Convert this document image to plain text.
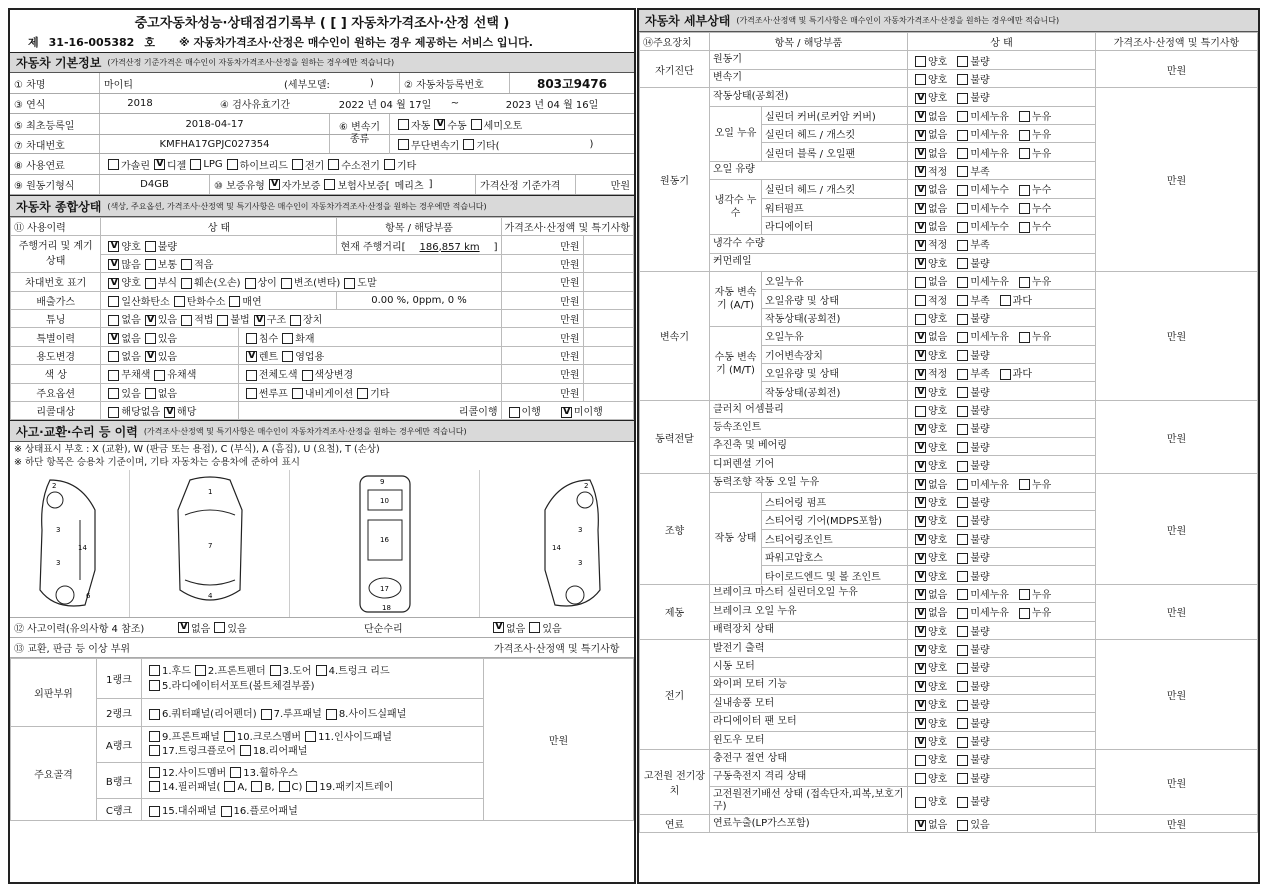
중고자동차성능·상태점검기록부 ( [ ] 자동차가격조사·산정 선택 )
제 31-16-005382 호 ※ 자동차가격조사·산정은 매수인이 원하는 경우 제공하는 서비스 입니다.
자동차 기본정보 (가격산정 기준가격은 매수인이 자동차가격조사·산정을 원하는 경우에만 적습니다)
① 차명	마이티	(세부모델:	)	② 자동차등록번호	803고9476
③ 연식	2018	④ 검사유효기간	2022 년 04 월 17일	~	2023 년 04 월 16일
⑤ 최초등록일	2018-04-17	⑥ 변속기 종류
자동 V 수동 세미오토
⑦ 차대번호	KMFHA17GPJC027354	무단변속기 기타(	)
⑧ 사용연료	가솔린 V 디젤 LPG 하이브리드 전기 수소전기 기타
⑨ 원동기형식	D4GB	⑩ 보증유형 V 자가보증 보험사보증[ 메리츠 ]	가격산정 기준가격	만원
자동차 종합상태 (색상, 주요옵션, 가격조사·산정액 및 특기사항은 매수인이 자동차가격조사·산정을 원하는 경우에만 적습니다)
⑪ 사용이력	상 태		항목 / 해당부품	가격조사·산정액 및 특기사항	
주행거리 및 계기상태	V양호 불량		현재 주행거리[ 186,857 km ]	만원	
V많음 보통 적음			만원	
차대번호 표기	V양호 부식 훼손(오손) 상이 변조(변타) 도말			만원	
배출가스	일산화탄소 탄화수소 매연		0.00 %, 0ppm, 0 %	만원	
튜닝	없음 V 있음 적법 불법 V 구조 장치			만원	
특별이력	V없음 있음	침수 화재		만원	
용도변경	없음 V 있음	V렌트 영업용		만원	
색 상	무채색 유채색	전체도색 색상변경		만원	
주요옵션	있음 없음	썬루프 내비게이션 기타		만원	
리콜대상	해당없음 V 해당	리콜이행		이행 V 미이행
사고·교환·수리 등 이력 (가격조사·산정액 및 특기사항은 매수인이 자동차가격조사·산정을 원하는 경우에만 적습니다)
※ 상태표시 부호 : X (교환), W (판금 또는 용접), C (부식), A (흠집), U (요철), T (손상)
※ 하단 항목은 승용차 기준이며, 기타 자동차는 승용차에 준하여 표시
3
3
14
2
6
1
7
4
9
10
16
17
18
3
3
14
2
⑫ 사고이력(유의사항 4 참조) V	없음 있음	단순수리 V	없음 있음
⑬ 교환, 판금 등 이상 부위	가격조사·산정액 및 특기사항
외판부위	1랭크	1.후드 2.프론트펜더 3.도어 4.트렁크 리드
5.라디에이터서포트(볼트체결부품)	만원
	2랭크	6.쿼터패널(리어펜더) 7.루프패널 8.사이드실패널	
주요골격	A랭크	9.프론트패널 10.크로스멤버 11.인사이드패널
17.트렁크플로어 18.리어패널	

	B랭크	12.사이드멤버 13.휠하우스
14.필러패널( A, B, C) 19.패키지트레이	

	C랭크	15.대쉬패널 16.플로어패널	
자동차 세부상태 (가격조사·산정액 및 특기사항은 매수인이 자동차가격조사·산정을 원하는 경우에만 적습니다)
⑭주요장치	항목 / 해당부품		상 태	가격조사·산정액 및 특기사항
자기진단	원동기		양호 불량	만원
	변속기		양호 불량	
원동기	작동상태(공회전)	V양호 불량	만원
	오일 누유	실린더 커버(로커암 커버)	V없음 미세누유 누유
		실린더 헤드 / 개스킷	V없음 미세누유 누유
		실린더 블록 / 오일팬	V없음 미세누유 누유
	오일 유량	V적정 부족
	냉각수 누수	실린더 헤드 / 개스킷	V없음 미세누수 누수
		워터펌프	V없음 미세누수 누수
		라디에이터	V없음 미세누수 누수
	냉각수 수량	V적정 부족
	커먼레일	V양호 불량
변속기	자동 변속기 (A/T)	오일누유	없음 미세누유 누유	만원
		오일유량 및 상태	적정 부족 과다	
		작동상태(공회전)	양호 불량	
	수동 변속기 (M/T)	오일누유	V없음 미세누유 누유
		기어변속장치	V양호 불량
		오일유량 및 상태	V적정 부족 과다
		작동상태(공회전)	V양호 불량
동력전달	클러치 어셈블리		양호 불량	만원
	등속조인트	V양호 불량
	추진축 및 베어링	V양호 불량
	디퍼렌셜 기어	V양호 불량
조향	동력조향 작동 오일 누유	V없음 미세누유 누유	만원
	작동 상태	스티어링 펌프	V양호 불량
		스티어링 기어(MDPS포함)	V양호 불량
		스티어링조인트	V양호 불량
		파워고압호스	V양호 불량
		타이로드엔드 및 볼 조인트	V양호 불량
제동	브레이크 마스터 실린더오일 누유	V없음 미세누유 누유	만원
	브레이크 오일 누유	V없음 미세누유 누유
	배력장치 상태	V양호 불량
전기	발전기 출력	V양호 불량	만원
	시동 모터	V양호 불량
	와이퍼 모터 기능	V양호 불량
	실내송풍 모터	V양호 불량
	라디에이터 팬 모터	V양호 불량
	윈도우 모터	V양호 불량
고전원 전기장치	충전구 절연 상태		양호 불량	만원
	구동축전지 격리 상태		양호 불량	
	고전원전기배선 상태 (접속단자,피복,보호기구)		양호 불량	
연료	연료누출(LP가스포함)	V없음 있음	만원
